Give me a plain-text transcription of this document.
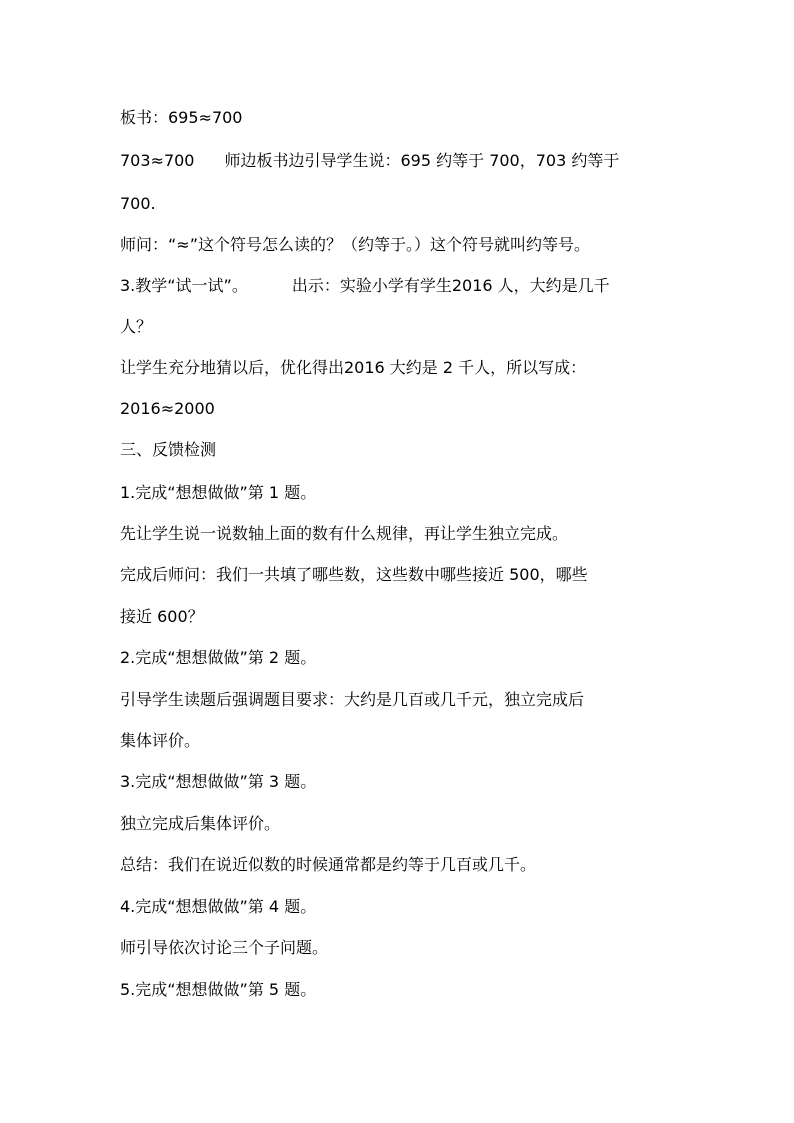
板书：695≈700
703≈700 师边板书边引导学生说：695 约等于 700，703 约等于
700.
师问：“≈”这个符号怎么读的？（约等于。）这个符号就叫约等号。
3.教学“试一试”。	出示：实验小学有学生2016 人，大约是几千
人？
让学生充分地猜以后，优化得出2016 大约是 2 千人，所以写成：
2016≈2000
三、反馈检测
1.完成“想想做做”第 1 题。
先让学生说一说数轴上面的数有什么规律，再让学生独立完成。
完成后师问：我们一共填了哪些数，这些数中哪些接近 500，哪些
接近 600？
2.完成“想想做做”第 2 题。
引导学生读题后强调题目要求：大约是几百或几千元，独立完成后
集体评价。
3.完成“想想做做”第 3 题。
独立完成后集体评价。
总结：我们在说近似数的时候通常都是约等于几百或几千。
4.完成“想想做做”第 4 题。
师引导依次讨论三个子问题。
5.完成“想想做做”第 5 题。
